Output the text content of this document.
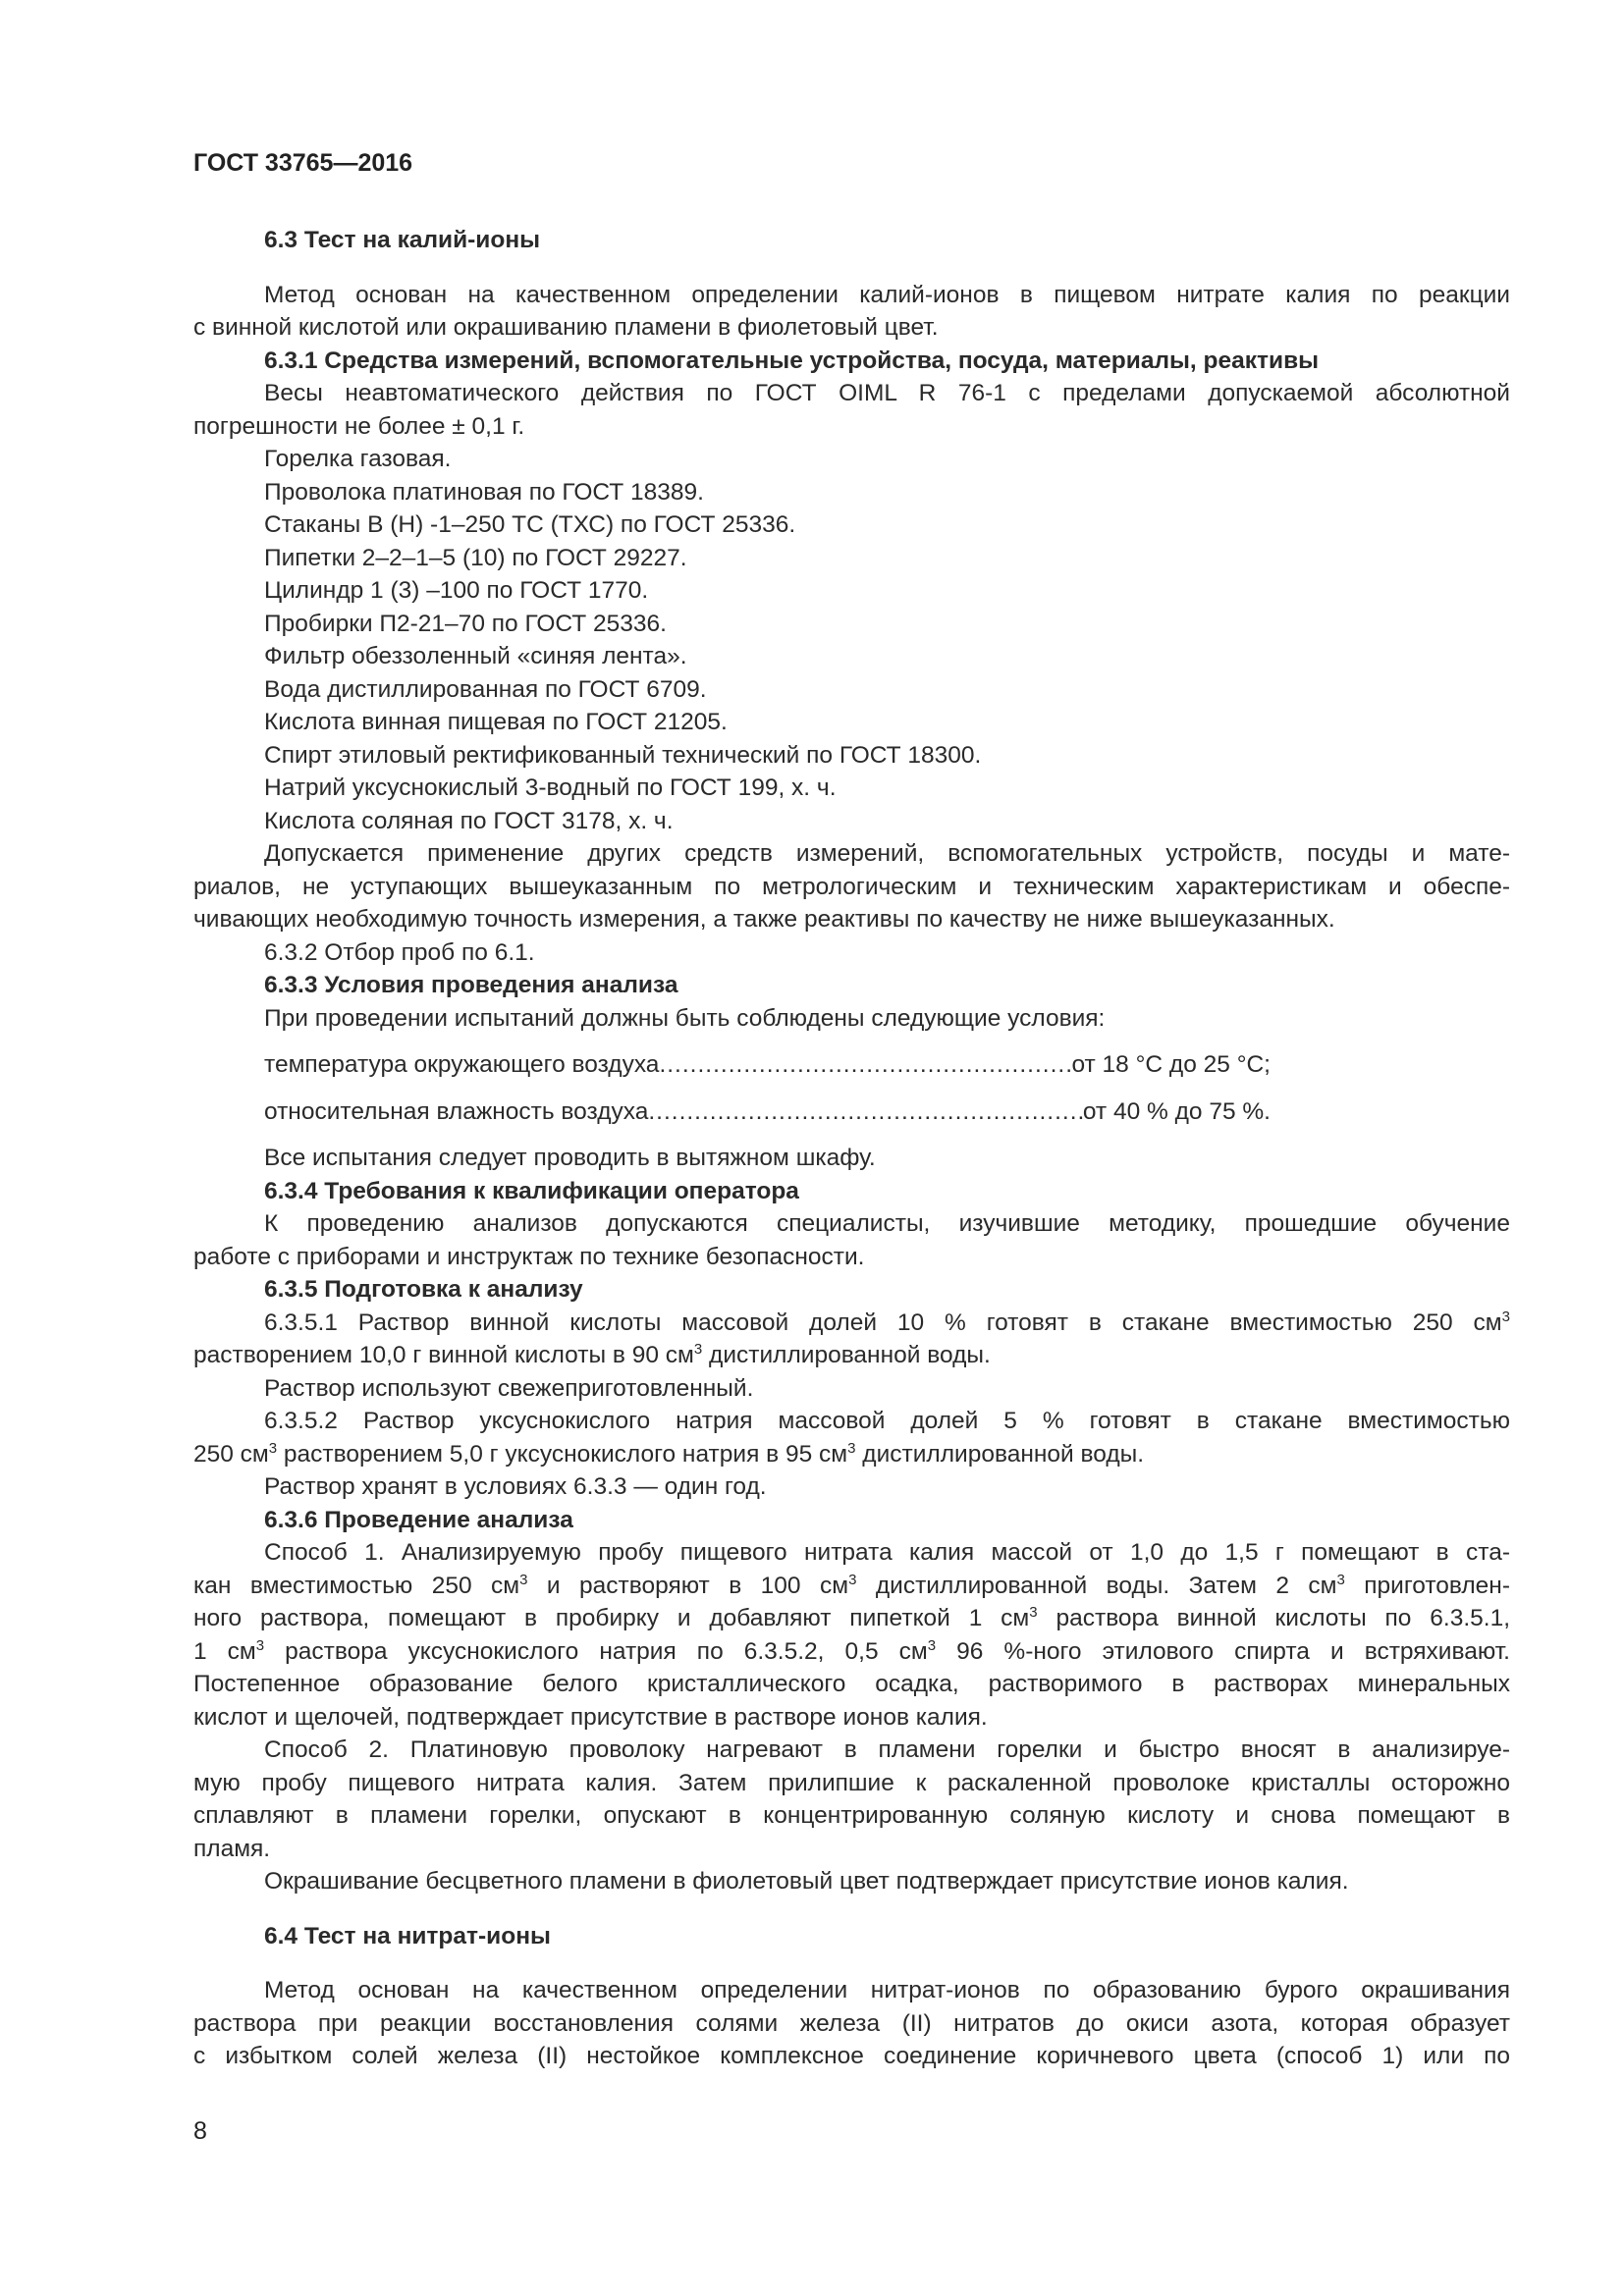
ГОСТ 33765—2016

6.3 Тест на калий-ионы

Метод основан на качественном определении калий-ионов в пищевом нитрате калия по реакции

с винной кислотой или окрашиванию пламени в фиолетовый цвет.

6.3.1 Средства измерений, вспомогательные устройства, посуда, материалы, реактивы

Весы неавтоматического действия по ГОСТ OIML R 76-1 с пределами допускаемой абсолютной

погрешности не более ± 0,1 г.

Горелка газовая.

Проволока платиновая по ГОСТ 18389.

Стаканы В (Н) -1–250 ТС (ТХС) по ГОСТ 25336.

Пипетки 2–2–1–5 (10) по ГОСТ 29227.

Цилиндр 1 (3) –100 по ГОСТ 1770.

Пробирки П2-21–70 по ГОСТ 25336.

Фильтр обеззоленный «синяя лента».

Вода дистиллированная по ГОСТ 6709.

Кислота винная пищевая по ГОСТ 21205.

Спирт этиловый ректификованный технический по ГОСТ 18300.

Натрий уксуснокислый 3-водный по ГОСТ 199, х. ч.

Кислота соляная по ГОСТ 3178, х. ч.

Допускается применение других средств измерений, вспомогательных устройств, посуды и мате-

риалов, не уступающих вышеуказанным по метрологическим и техническим характеристикам и обеспе-

чивающих необходимую точность измерения, а также реактивы по качеству не ниже вышеуказанных.

6.3.2 Отбор проб по 6.1.

6.3.3 Условия проведения анализа

При проведении испытаний должны быть соблюдены следующие условия:

температура окружающего воздуха .....	от 18 °С до 25 °С;
относительная влажность воздуха .....	от 40 % до 75 %.

Все испытания следует проводить в вытяжном шкафу.

6.3.4 Требования к квалификации оператора

К проведению анализов допускаются специалисты, изучившие методику, прошедшие обучение

работе с приборами и инструктаж по технике безопасности.

6.3.5 Подготовка к анализу

6.3.5.1 Раствор винной кислоты массовой долей 10 % готовят в стакане вместимостью 250 $см^3$

растворением 10,0 г винной кислоты в 90 $см^3$ дистиллированной воды.

Раствор используют свежеприготовленный.

6.3.5.2 Раствор уксуснокислого натрия массовой долей 5 % готовят в стакане вместимостью

250 $см^3$ растворением 5,0 г уксуснокислого натрия в 95 $см^3$ дистиллированной воды.

Раствор хранят в условиях 6.3.3 — один год.

6.3.6 Проведение анализа

Способ 1. Анализируемую пробу пищевого нитрата калия массой от 1,0 до 1,5 г помещают в ста-

кан вместимостью 250 $см^3$ и растворяют в 100 $см^3$ дистиллированной воды. Затем 2 $см^3$ приготовлен-

ного раствора, помещают в пробирку и добавляют пипеткой 1 $см^3$ раствора винной кислоты по 6.3.5.1,

1 $см^3$ раствора уксуснокислого натрия по 6.3.5.2, 0,5 $см^3$ 96 %-ного этилового спирта и встряхивают.

Постепенное образование белого кристаллического осадка, растворимого в растворах минеральных

кислот и щелочей, подтверждает присутствие в растворе ионов калия.

Способ 2. Платиновую проволоку нагревают в пламени горелки и быстро вносят в анализируе-

мую пробу пищевого нитрата калия. Затем прилипшие к раскаленной проволоке кристаллы осторожно

сплавляют в пламени горелки, опускают в концентрированную соляную кислоту и снова помещают в

пламя.

Окрашивание бесцветного пламени в фиолетовый цвет подтверждает присутствие ионов калия.

6.4 Тест на нитрат-ионы

Метод основан на качественном определении нитрат-ионов по образованию бурого окрашивания

раствора при реакции восстановления солями железа (II) нитратов до окиси азота, которая образует

с избытком солей железа (II) нестойкое комплексное соединение коричневого цвета (способ 1) или по

8
